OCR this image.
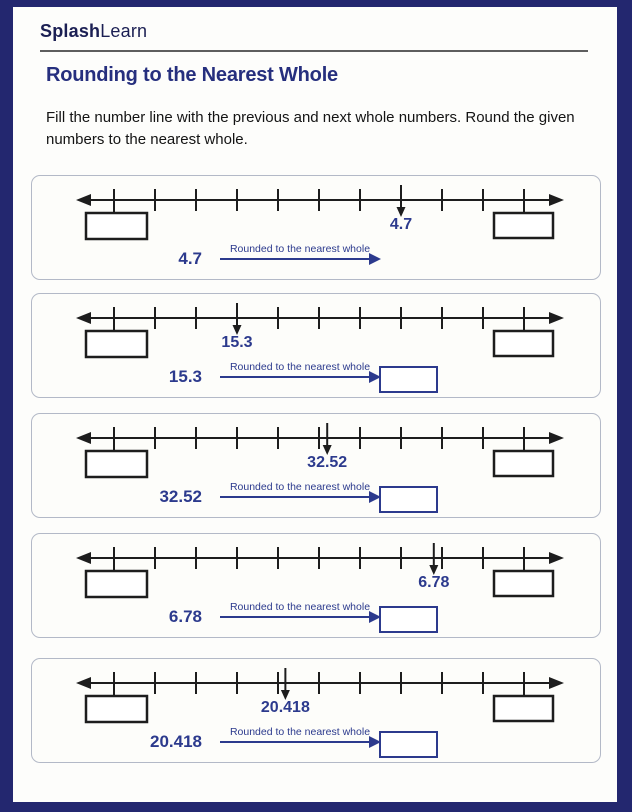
SplashLearn
Rounding to the Nearest Whole
Fill the number line with the previous and next whole numbers. Round the given numbers to the nearest whole.
4.7
4.7	Rounded to the nearest whole
15.3
15.3	Rounded to the nearest whole
32.52
32.52	Rounded to the nearest whole
6.78
6.78	Rounded to the nearest whole
20.418
20.418	Rounded to the nearest whole
